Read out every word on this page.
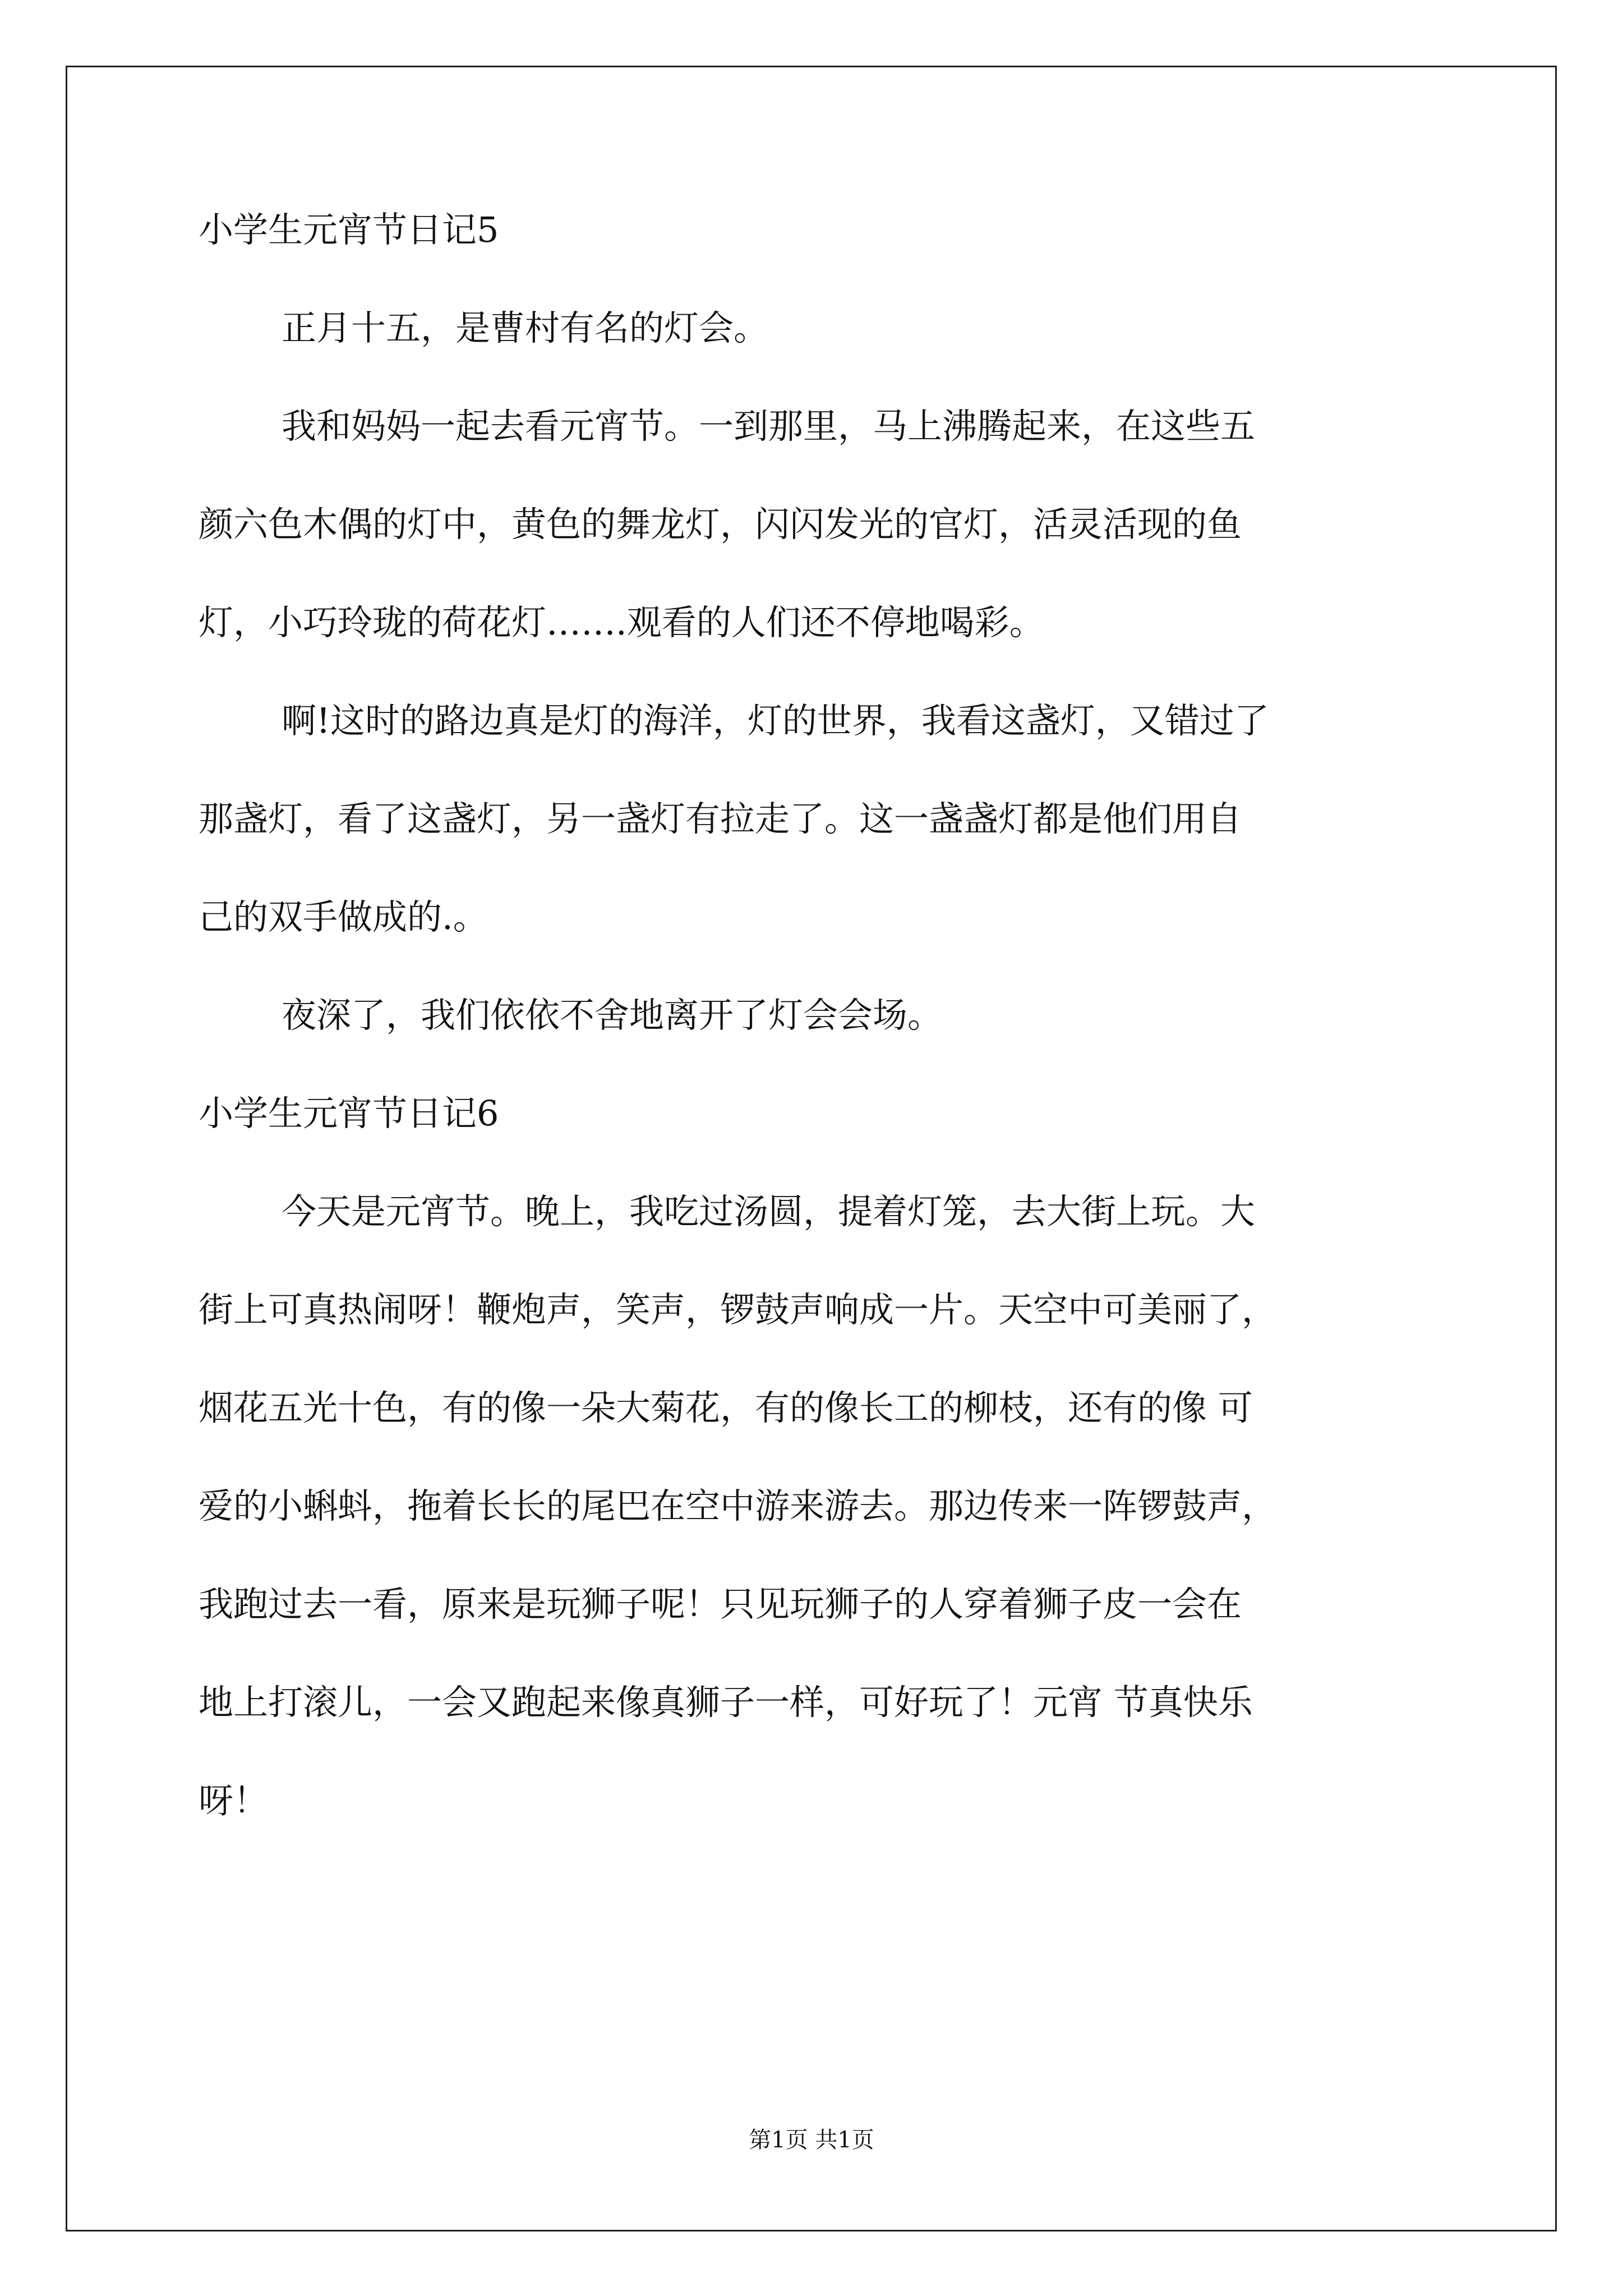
小学生元宵节日记5

正月十五，是曹村有名的灯会。

我和妈妈一起去看元宵节。一到那里，马上沸腾起来，在这些五

颜六色木偶的灯中，黄色的舞龙灯，闪闪发光的官灯，活灵活现的鱼

灯，小巧玲珑的荷花灯…….观看的人们还不停地喝彩。

啊!这时的路边真是灯的海洋，灯的世界，我看这盏灯，又错过了

那盏灯，看了这盏灯，另一盏灯有拉走了。这一盏盏灯都是他们用自

己的双手做成的.。

夜深了，我们依依不舍地离开了灯会会场。

小学生元宵节日记6

今天是元宵节。晚上，我吃过汤圆，提着灯笼，去大街上玩。大

街上可真热闹呀！鞭炮声，笑声，锣鼓声响成一片。天空中可美丽了，

烟花五光十色，有的像一朵大菊花，有的像长工的柳枝，还有的像 可

爱的小蝌蚪，拖着长长的尾巴在空中游来游去。那边传来一阵锣鼓声，

我跑过去一看，原来是玩狮子呢！只见玩狮子的人穿着狮子皮一会在

地上打滚儿，一会又跑起来像真狮子一样，可好玩了！元宵 节真快乐

呀！

第1页 共1页
